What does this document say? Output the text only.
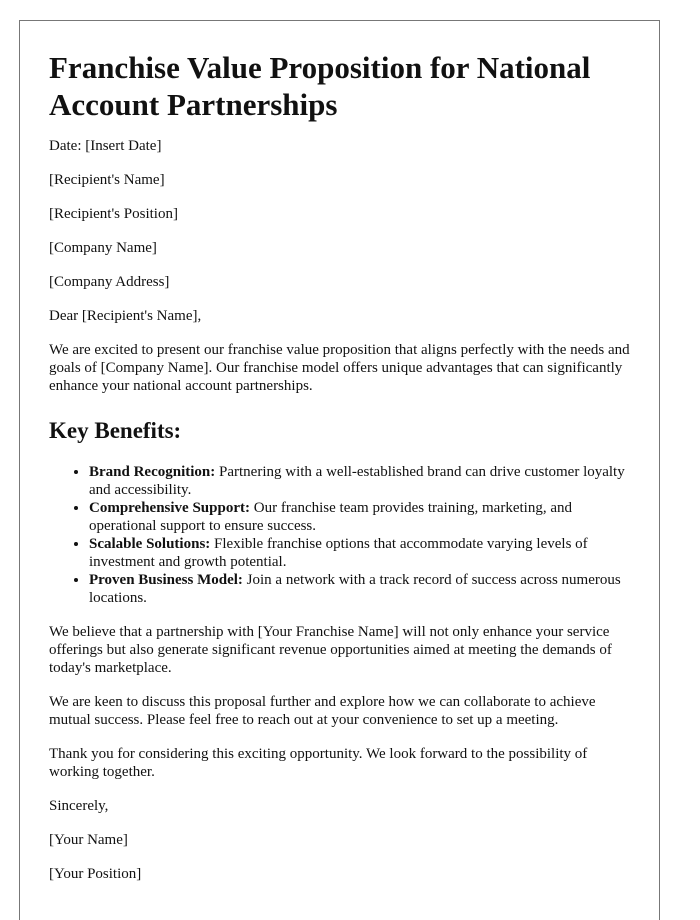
Franchise Value Proposition for National Account Partnerships

Date: [Insert Date]

[Recipient's Name]

[Recipient's Position]

[Company Name]

[Company Address]

Dear [Recipient's Name],

We are excited to present our franchise value proposition that aligns perfectly with the needs and goals of [Company Name]. Our franchise model offers unique advantages that can significantly enhance your national account partnerships.

Key Benefits:
• Brand Recognition: Partnering with a well-established brand can drive customer loyalty and accessibility.
• Comprehensive Support: Our franchise team provides training, marketing, and operational support to ensure success.
• Scalable Solutions: Flexible franchise options that accommodate varying levels of investment and growth potential.
• Proven Business Model: Join a network with a track record of success across numerous locations.

We believe that a partnership with [Your Franchise Name] will not only enhance your service offerings but also generate significant revenue opportunities aimed at meeting the demands of today's marketplace.

We are keen to discuss this proposal further and explore how we can collaborate to achieve mutual success. Please feel free to reach out at your convenience to set up a meeting.

Thank you for considering this exciting opportunity. We look forward to the possibility of working together.

Sincerely,

[Your Name]

[Your Position]
